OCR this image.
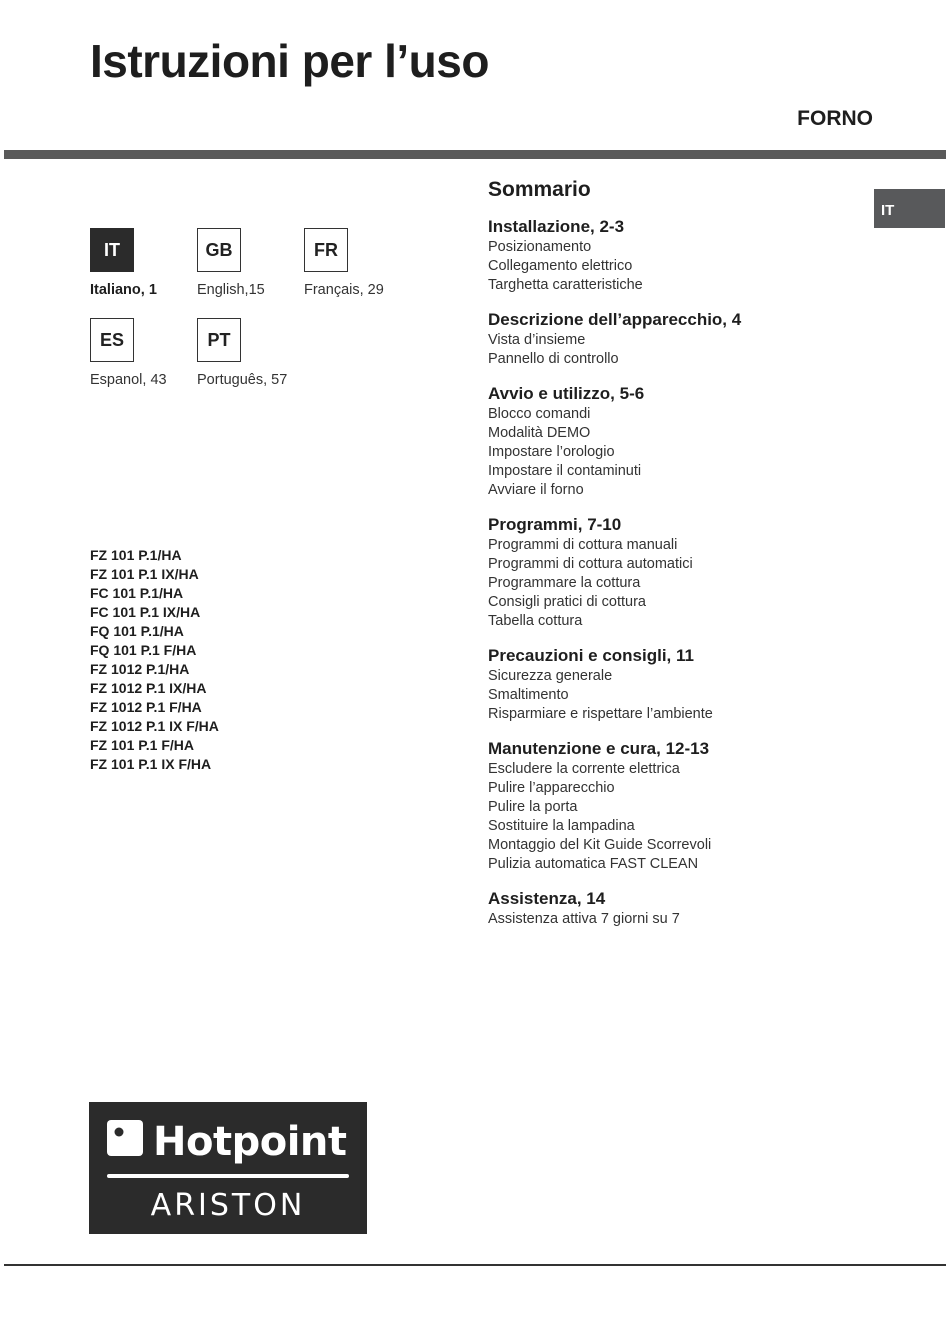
Istruzioni per l’uso
FORNO
IT
IT
Italiano, 1
GB
English,15
FR
Français, 29
ES
Espanol, 43
PT
Português, 57
FZ 101 P.1/HA
FZ 101 P.1 IX/HA
FC 101 P.1/HA
FC 101 P.1 IX/HA
FQ 101 P.1/HA
FQ 101 P.1 F/HA
FZ 1012 P.1/HA
FZ 1012 P.1 IX/HA
FZ 1012 P.1 F/HA
FZ 1012 P.1 IX F/HA
FZ 101 P.1 F/HA
FZ 101 P.1 IX F/HA
Sommario
Installazione, 2-3
Posizionamento
Collegamento elettrico
Targhetta caratteristiche
Descrizione dell’apparecchio, 4
Vista d’insieme
Pannello di controllo
Avvio e utilizzo, 5-6
Blocco comandi
Modalità DEMO
Impostare l’orologio
Impostare il contaminuti
Avviare il forno
Programmi, 7-10
Programmi di cottura manuali
Programmi di cottura automatici
Programmare la cottura
Consigli pratici di cottura
Tabella cottura
Precauzioni e consigli, 11
Sicurezza generale
Smaltimento
Risparmiare e rispettare l’ambiente
Manutenzione e cura, 12-13
Escludere la corrente elettrica
Pulire l’apparecchio
Pulire la porta
Sostituire la lampadina
Montaggio del Kit Guide Scorrevoli
Pulizia automatica FAST CLEAN
Assistenza, 14
Assistenza attiva 7 giorni su 7
Hotpoint
ARISTON
